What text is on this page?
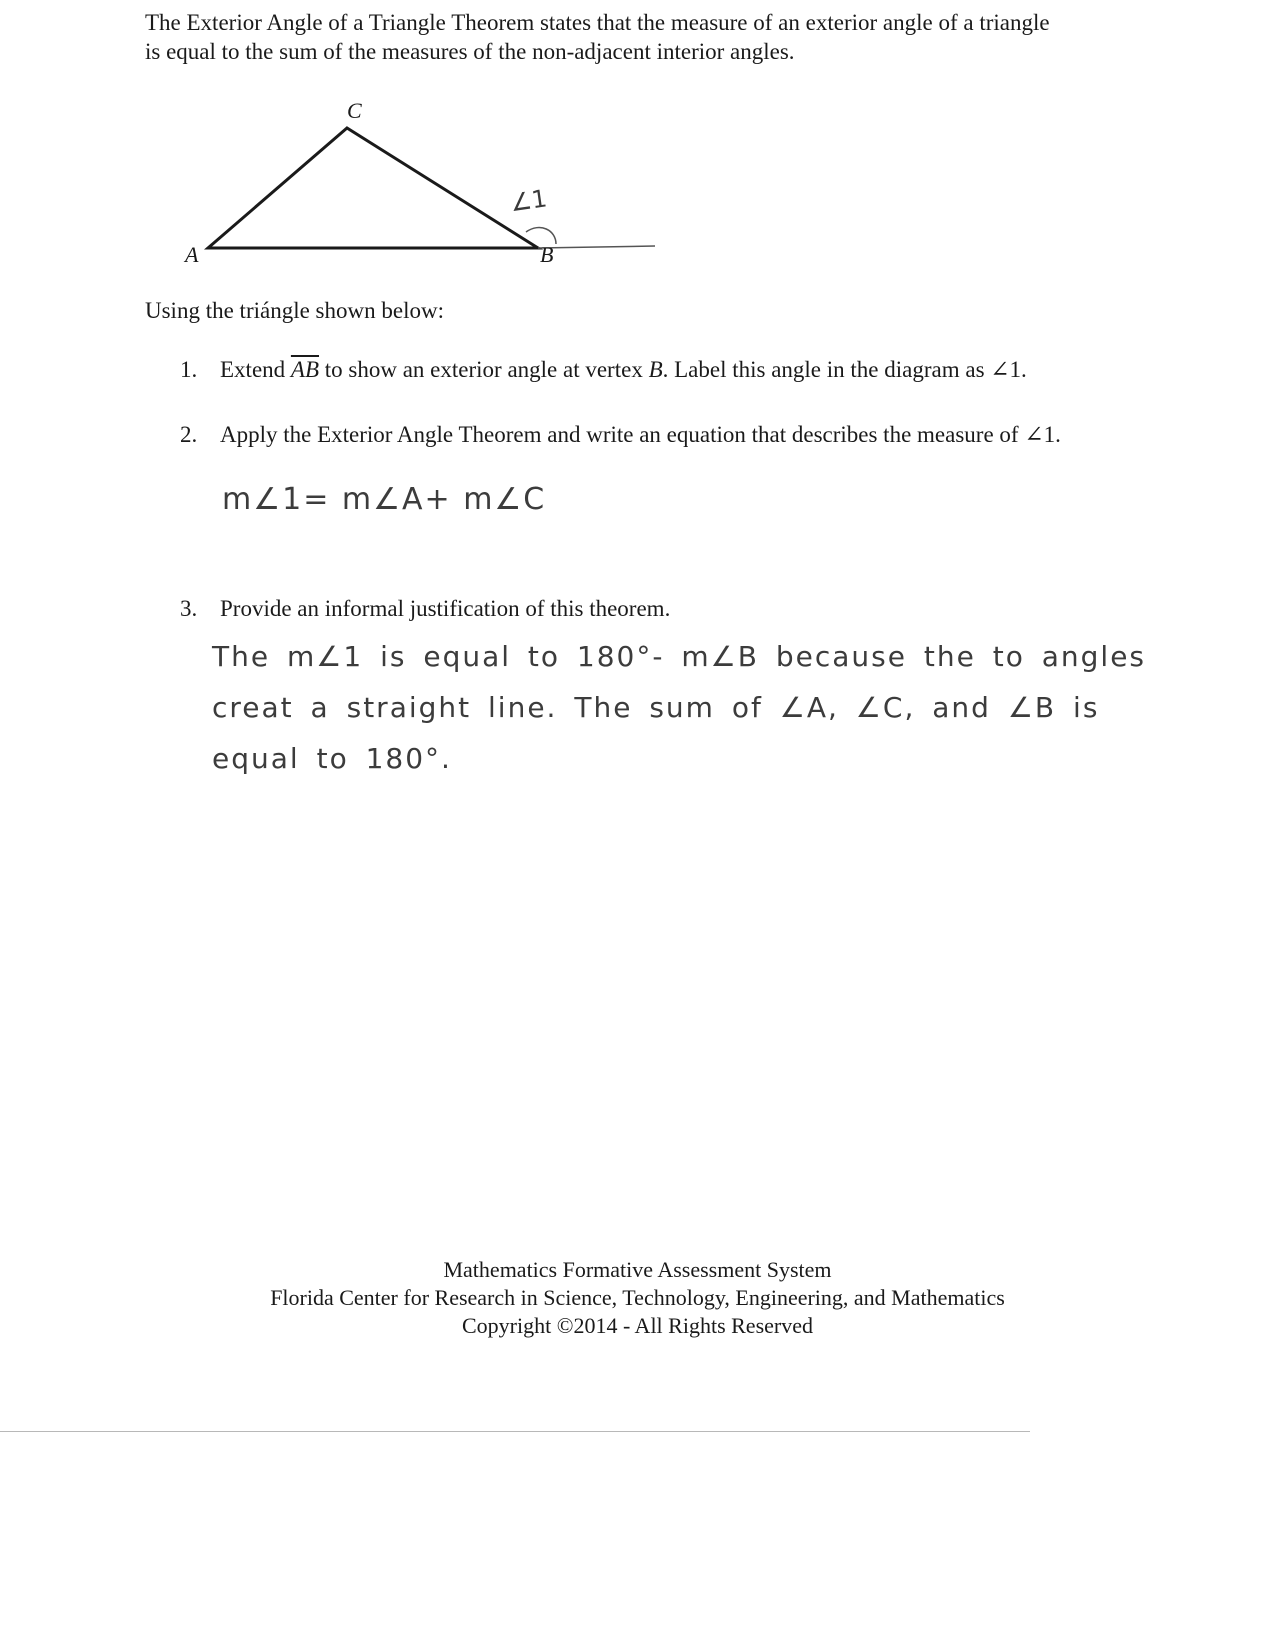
The Exterior Angle of a Triangle Theorem states that the measure of an exterior angle of a triangle is equal to the sum of the measures of the non-adjacent interior angles.
A	B
C
∠1
Using the triángle shown below:
1. Extend $\overline{AB}$ to show an exterior angle at vertex B. Label this angle in the diagram as ∠1.
2. Apply the Exterior Angle Theorem and write an equation that describes the measure of ∠1.
m∠1= m∠A+ m∠C
3. Provide an informal justification of this theorem.
The m∠1 is equal to 180°- m∠B because the to angles
creat a straight line. The sum of ∠A, ∠C, and ∠B is
equal to 180°.
Mathematics Formative Assessment System
Florida Center for Research in Science, Technology, Engineering, and Mathematics
Copyright ©2014 - All Rights Reserved
